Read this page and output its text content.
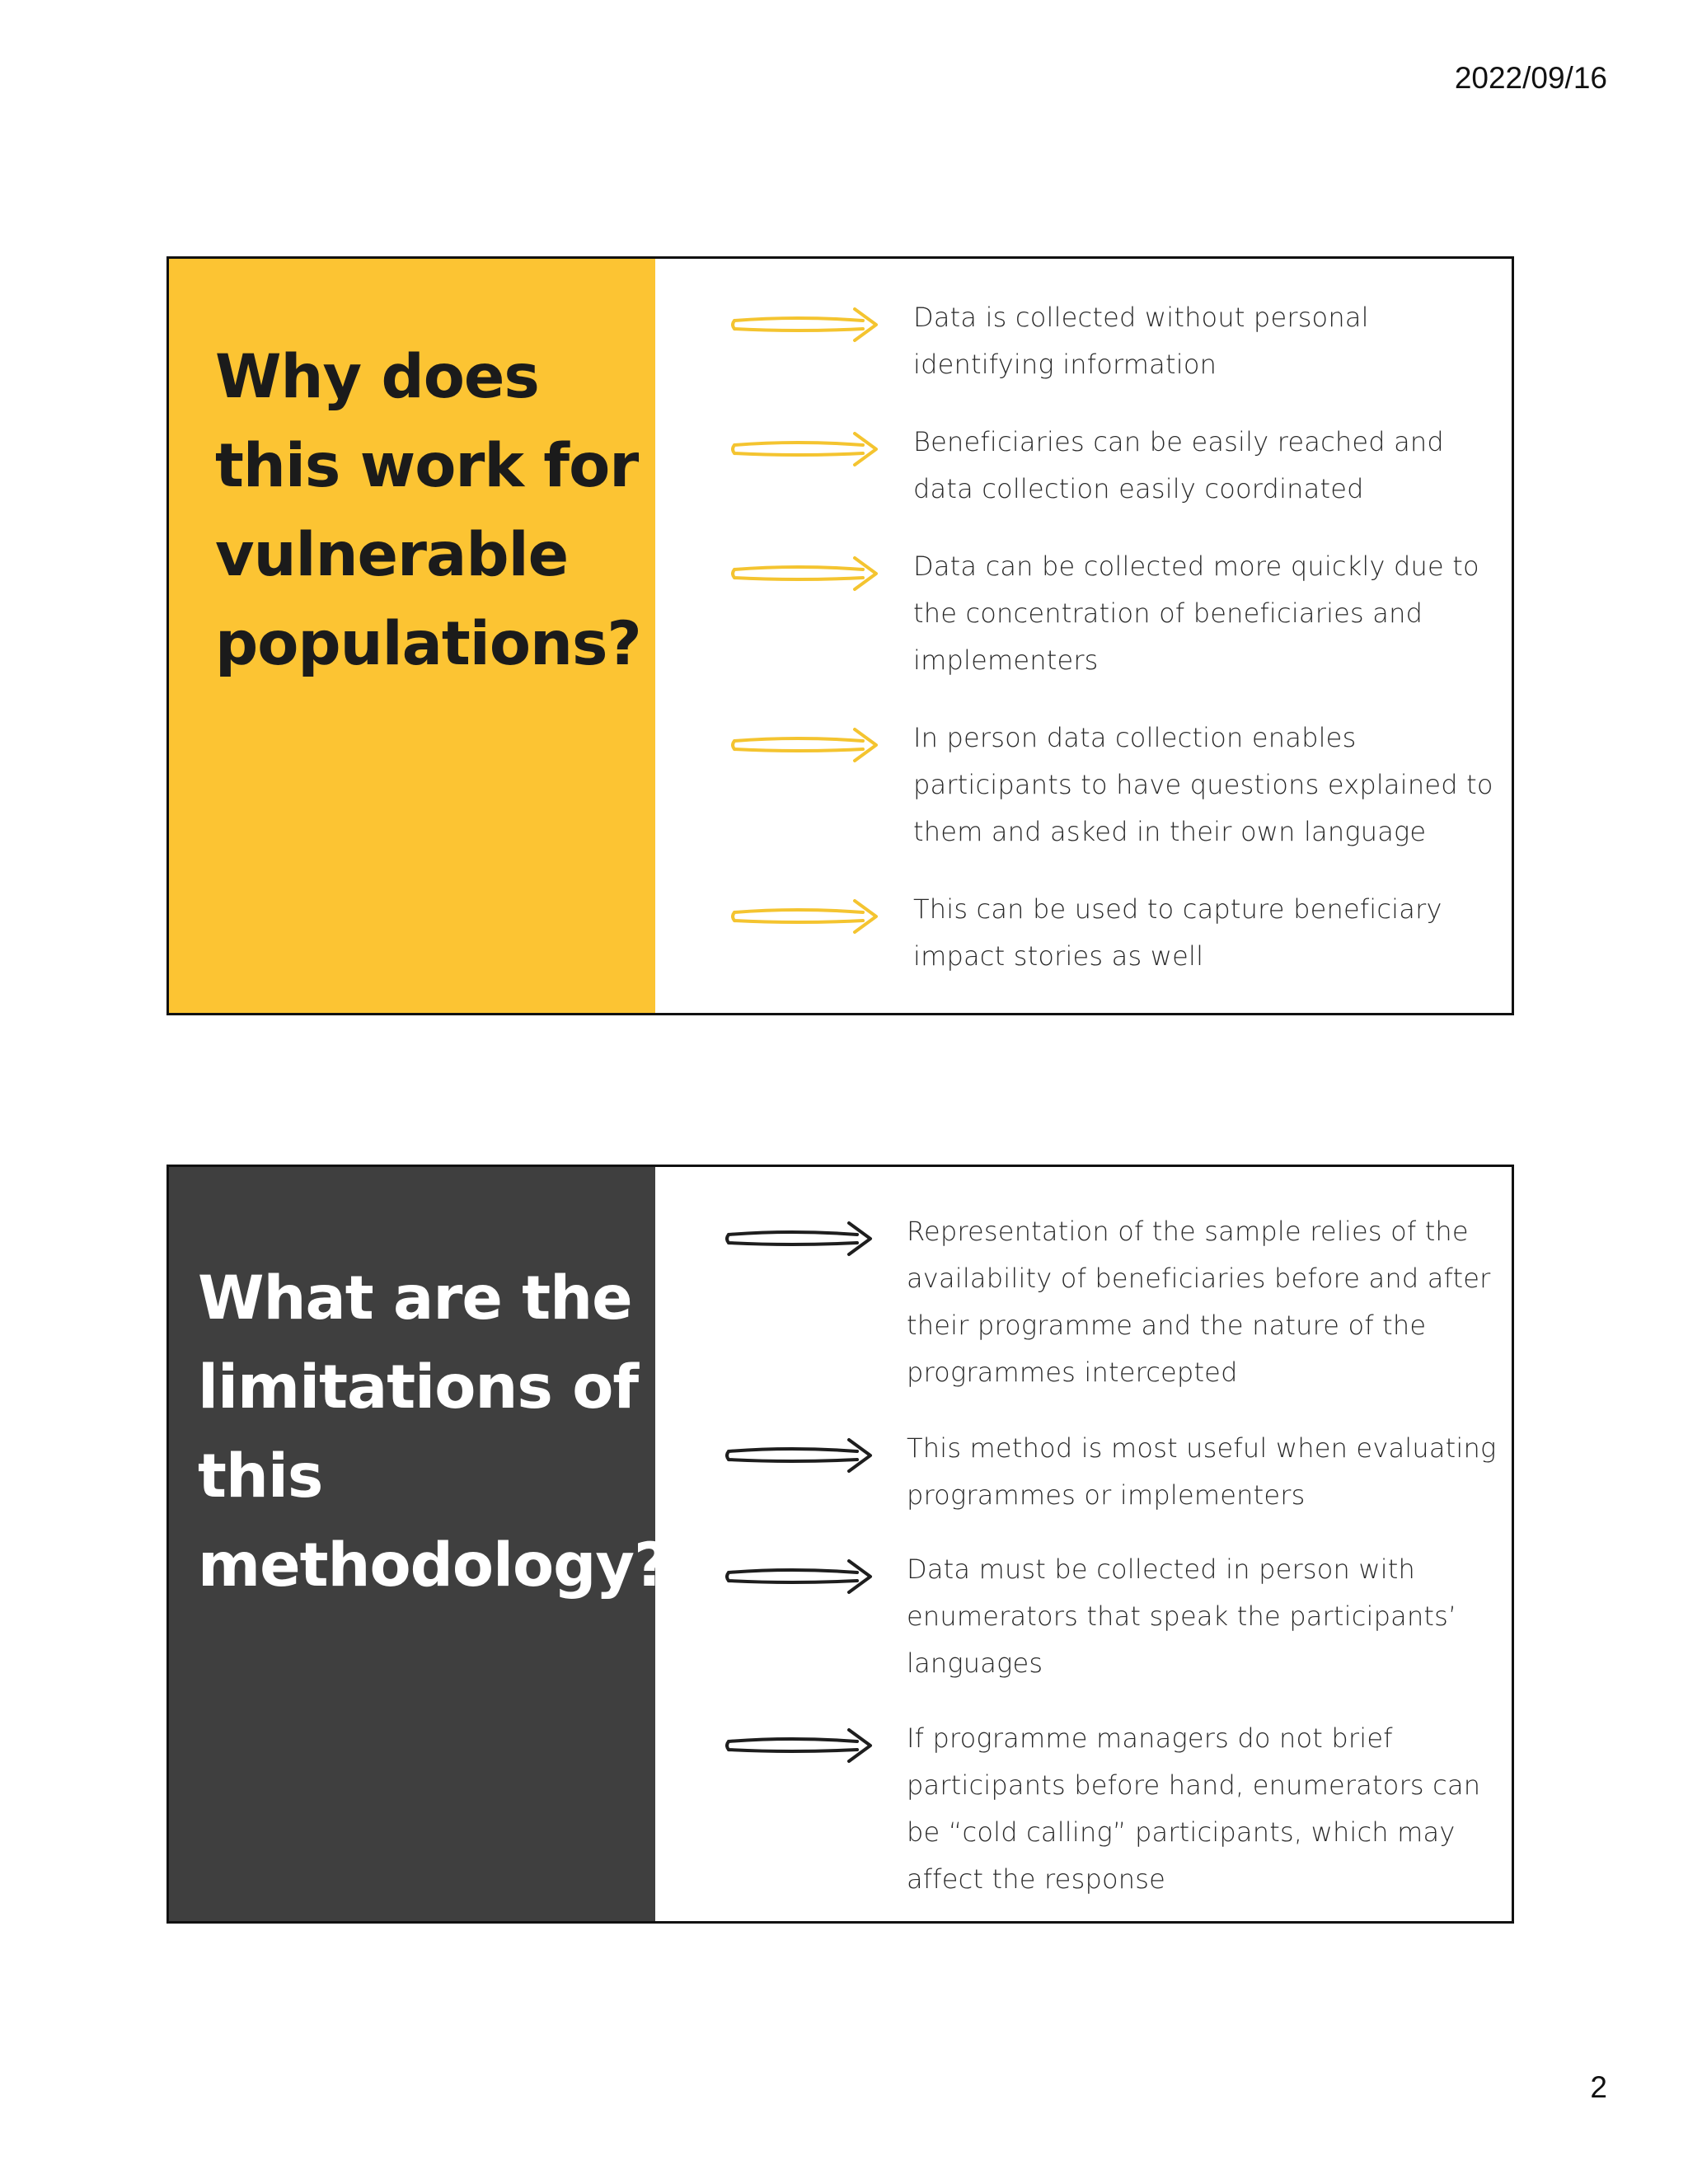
2022/09/16
Why does this work for vulnerable populations?
Data is collected without personal identifying information
Beneficiaries can be easily reached and data collection easily coordinated
Data can be collected more quickly due to the concentration of beneficiaries and implementers
In person data collection enables participants to have questions explained to them and asked in their own language
This can be used to capture beneficiary impact stories as well
What are the limitations of this methodology?
Representation of the sample relies of the availability of beneficiaries before and after their programme and the nature of the programmes intercepted
This method is most useful when evaluating programmes or implementers
Data must be collected in person with enumerators that speak the participants’ languages
If programme managers do not brief participants before hand, enumerators can be “cold calling” participants, which may affect the response
2
